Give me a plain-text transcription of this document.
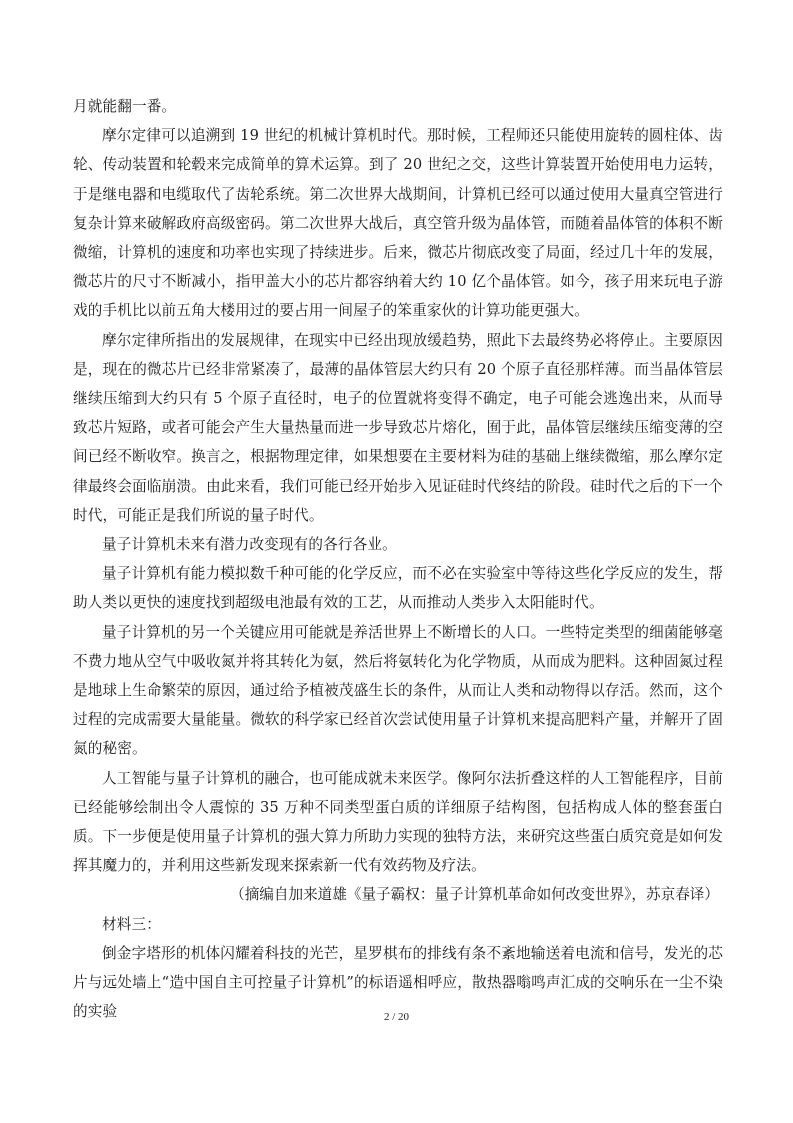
月就能翻一番。

摩尔定律可以追溯到 19 世纪的机械计算机时代。那时候，工程师还只能使用旋转的圆柱体、齿轮、传动装置和轮毂来完成简单的算术运算。到了 20 世纪之交，这些计算装置开始使用电力运转，于是继电器和电缆取代了齿轮系统。第二次世界大战期间，计算机已经可以通过使用大量真空管进行复杂计算来破解政府高级密码。第二次世界大战后，真空管升级为晶体管，而随着晶体管的体积不断微缩，计算机的速度和功率也实现了持续进步。后来，微芯片彻底改变了局面，经过几十年的发展，微芯片的尺寸不断减小，指甲盖大小的芯片都容纳着大约 10 亿个晶体管。如今，孩子用来玩电子游戏的手机比以前五角大楼用过的要占用一间屋子的笨重家伙的计算功能更强大。

摩尔定律所指出的发展规律，在现实中已经出现放缓趋势，照此下去最终势必将停止。主要原因是，现在的微芯片已经非常紧凑了，最薄的晶体管层大约只有 20 个原子直径那样薄。而当晶体管层继续压缩到大约只有 5 个原子直径时，电子的位置就将变得不确定，电子可能会逃逸出来，从而导致芯片短路，或者可能会产生大量热量而进一步导致芯片熔化，囿于此，晶体管层继续压缩变薄的空间已经不断收窄。换言之，根据物理定律，如果想要在主要材料为硅的基础上继续微缩，那么摩尔定律最终会面临崩溃。由此来看，我们可能已经开始步入见证硅时代终结的阶段。硅时代之后的下一个时代，可能正是我们所说的量子时代。

量子计算机未来有潜力改变现有的各行各业。

量子计算机有能力模拟数千种可能的化学反应，而不必在实验室中等待这些化学反应的发生，帮助人类以更快的速度找到超级电池最有效的工艺，从而推动人类步入太阳能时代。

量子计算机的另一个关键应用可能就是养活世界上不断增长的人口。一些特定类型的细菌能够毫不费力地从空气中吸收氮并将其转化为氨，然后将氨转化为化学物质，从而成为肥料。这种固氮过程是地球上生命繁荣的原因，通过给予植被茂盛生长的条件，从而让人类和动物得以存活。然而，这个过程的完成需要大量能量。微软的科学家已经首次尝试使用量子计算机来提高肥料产量，并解开了固氮的秘密。

人工智能与量子计算机的融合，也可能成就未来医学。像阿尔法折叠这样的人工智能程序，目前已经能够绘制出令人震惊的 35 万种不同类型蛋白质的详细原子结构图，包括构成人体的整套蛋白质。下一步便是使用量子计算机的强大算力所助力实现的独特方法，来研究这些蛋白质究竟是如何发挥其魔力的，并利用这些新发现来探索新一代有效药物及疗法。

（摘编自加来道雄《量子霸权：量子计算机革命如何改变世界》，苏京春译）

材料三：

倒金字塔形的机体闪耀着科技的光芒，星罗棋布的排线有条不紊地输送着电流和信号，发光的芯片与远处墙上“造中国自主可控量子计算机”的标语遥相呼应，散热器嗡鸣声汇成的交响乐在一尘不染的实验	2 / 20
